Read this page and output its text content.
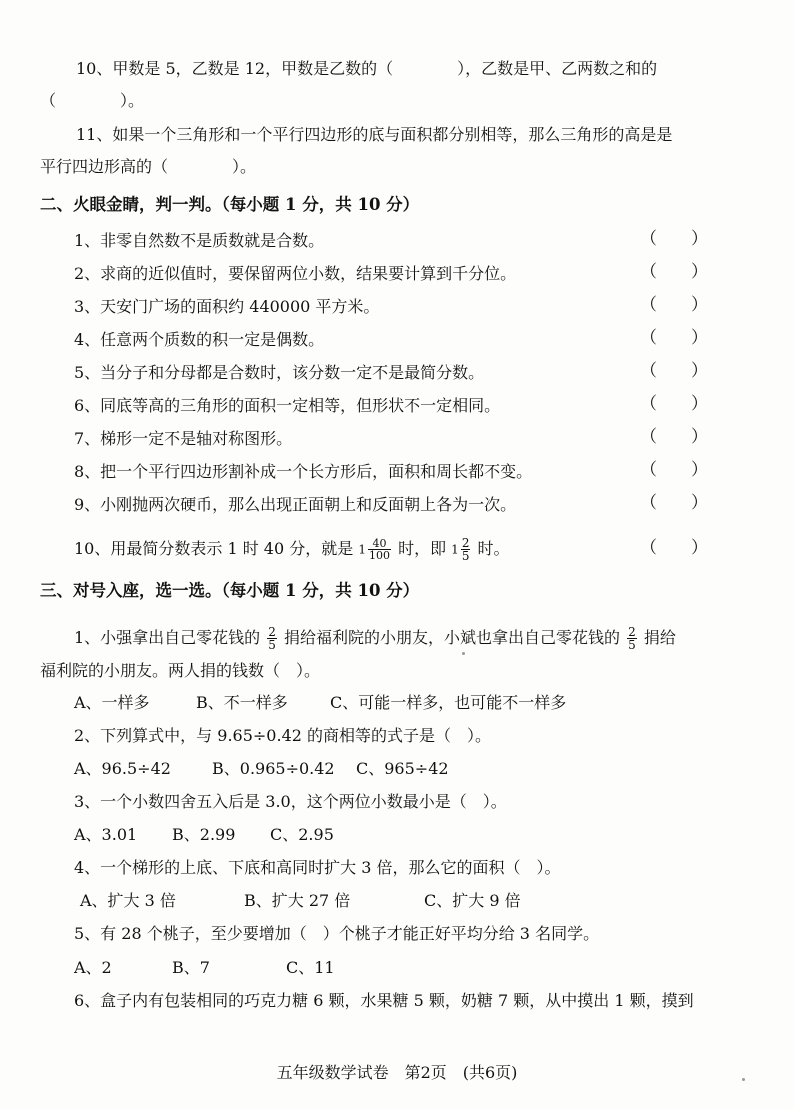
10、甲数是 5，乙数是 12，甲数是乙数的（　　　　），乙数是甲、乙两数之和的
（　　　　）。
11、如果一个三角形和一个平行四边形的底与面积都分别相等，那么三角形的高是是
平行四边形高的（　　　　）。
二、火眼金睛，判一判。（每小题 1 分，共 10 分）
1、非零自然数不是质数就是合数。	（　　）
2、求商的近似值时，要保留两位小数，结果要计算到千分位。	（　　）
3、天安门广场的面积约 440000 平方米。	（　　）
4、任意两个质数的积一定是偶数。	（　　）
5、当分子和分母都是合数时，该分数一定不是最简分数。	（　　）
6、同底等高的三角形的面积一定相等，但形状不一定相同。	（　　）
7、梯形一定不是轴对称图形。	（　　）
8、把一个平行四边形割补成一个长方形后，面积和周长都不变。	（　　）
9、小刚抛两次硬币，那么出现正面朝上和反面朝上各为一次。	（　　）
10、用最简分数表示 1 时 40 分，就是 $1 \frac{40}{100}$ 时，即 $1 \frac{2}{5}$ 时。	（　　）
三、对号入座，选一选。（每小题 1 分，共 10 分）
1、小强拿出自己零花钱的 $\frac{2}{5}$ 捐给福利院的小朋友，小斌也拿出自己零花钱的 $\frac{2}{5}$ 捐给
福利院的小朋友。两人捐的钱数（　）。
A、一样多	B、不一样多	C、可能一样多，也可能不一样多
2、下列算式中，与 9.65÷0.42 的商相等的式子是（　）。
A、96.5÷42	B、0.965÷0.42 C、965÷42
3、一个小数四舍五入后是 3.0，这个两位小数最小是（　）。
A、3.01 B、2.99 C、2.95
4、一个梯形的上底、下底和高同时扩大 3 倍，那么它的面积（　）。
A、扩大 3 倍	B、扩大 27 倍	C、扩大 9 倍
5、有 28 个桃子，至少要增加（　）个桃子才能正好平均分给 3 名同学。
A、2	B、7	C、11
6、盒子内有包装相同的巧克力糖 6 颗，水果糖 5 颗，奶糖 7 颗，从中摸出 1 颗，摸到
五年级数学试卷　第2页　(共6页)
